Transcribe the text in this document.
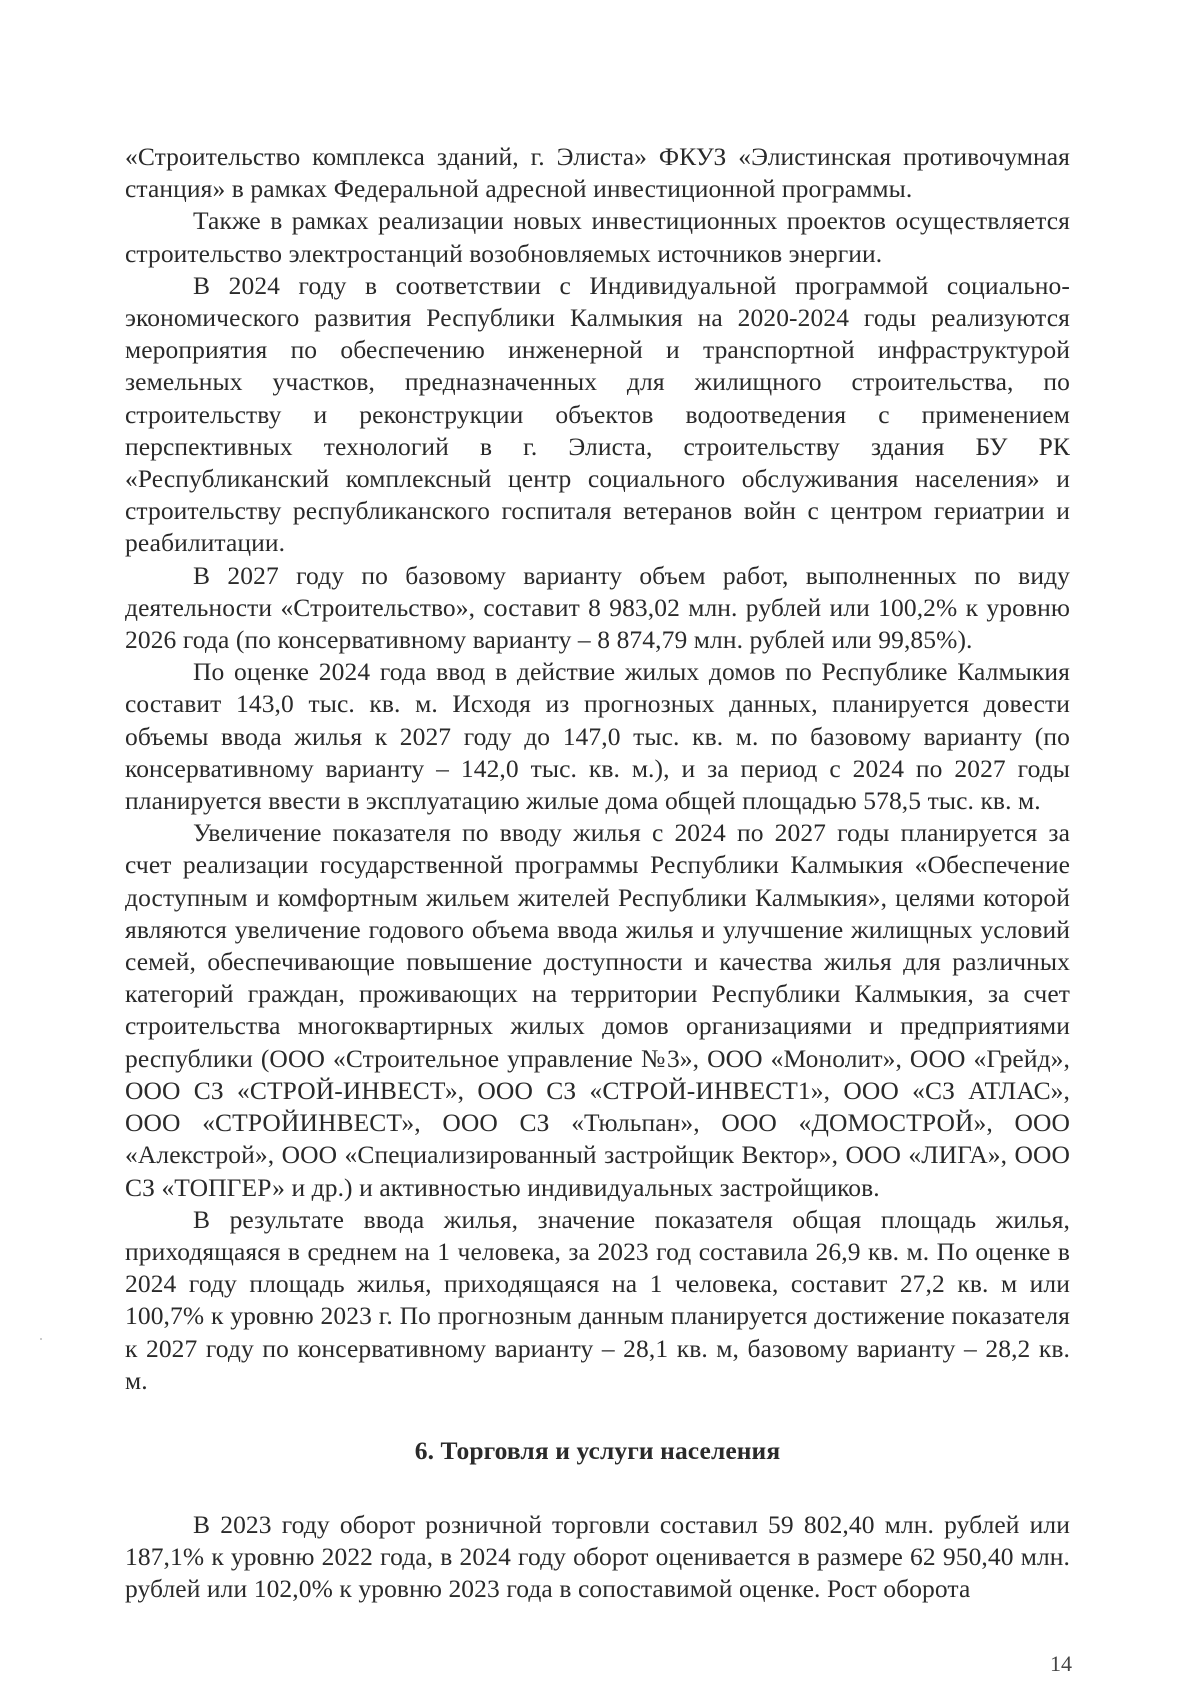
«Строительство комплекса зданий, г. Элиста» ФКУЗ «Элистинская противочумная станция» в рамках Федеральной адресной инвестиционной программы.

Также в рамках реализации новых инвестиционных проектов осуществляется строительство электростанций возобновляемых источников энергии.

В 2024 году в соответствии с Индивидуальной программой социально-экономического развития Республики Калмыкия на 2020-2024 годы реализуются мероприятия по обеспечению инженерной и транспортной инфраструктурой земельных участков, предназначенных для жилищного строительства, по строительству и реконструкции объектов водоотведения с применением перспективных технологий в г. Элиста, строительству здания БУ РК «Республиканский комплексный центр социального обслуживания населения» и строительству республиканского госпиталя ветеранов войн с центром гериатрии и реабилитации.

В 2027 году по базовому варианту объем работ, выполненных по виду деятельности «Строительство», составит 8 983,02 млн. рублей или 100,2% к уровню 2026 года (по консервативному варианту – 8 874,79 млн. рублей или 99,85%).

По оценке 2024 года ввод в действие жилых домов по Республике Калмыкия составит 143,0 тыс. кв. м. Исходя из прогнозных данных, планируется довести объемы ввода жилья к 2027 году до 147,0 тыс. кв. м. по базовому варианту (по консервативному варианту – 142,0 тыс. кв. м.), и за период с 2024 по 2027 годы планируется ввести в эксплуатацию жилые дома общей площадью 578,5 тыс. кв. м.

Увеличение показателя по вводу жилья с 2024 по 2027 годы планируется за счет реализации государственной программы Республики Калмыкия «Обеспечение доступным и комфортным жильем жителей Республики Калмыкия», целями которой являются увеличение годового объема ввода жилья и улучшение жилищных условий семей, обеспечивающие повышение доступности и качества жилья для различных категорий граждан, проживающих на территории Республики Калмыкия, за счет строительства многоквартирных жилых домов организациями и предприятиями республики (ООО «Строительное управление №3», ООО «Монолит», ООО «Грейд», ООО СЗ «СТРОЙ-ИНВЕСТ», ООО СЗ «СТРОЙ-ИНВЕСТ1», ООО «СЗ АТЛАС», ООО «СТРОЙИНВЕСТ», ООО СЗ «Тюльпан», ООО «ДОМОСТРОЙ», ООО «Алекстрой», ООО «Специализированный застройщик Вектор», ООО «ЛИГА», ООО СЗ «ТОПГЕР» и др.) и активностью индивидуальных застройщиков.

В результате ввода жилья, значение показателя общая площадь жилья, приходящаяся в среднем на 1 человека, за 2023 год составила 26,9 кв. м. По оценке в 2024 году площадь жилья, приходящаяся на 1 человека, составит 27,2 кв. м или 100,7% к уровню 2023 г. По прогнозным данным планируется достижение показателя к 2027 году по консервативному варианту – 28,1 кв. м, базовому варианту – 28,2 кв. м.

6. Торговля и услуги населения

В 2023 году оборот розничной торговли составил 59 802,40 млн. рублей или 187,1% к уровню 2022 года, в 2024 году оборот оценивается в размере 62 950,40 млн. рублей или 102,0% к уровню 2023 года в сопоставимой оценке. Рост оборота

14
